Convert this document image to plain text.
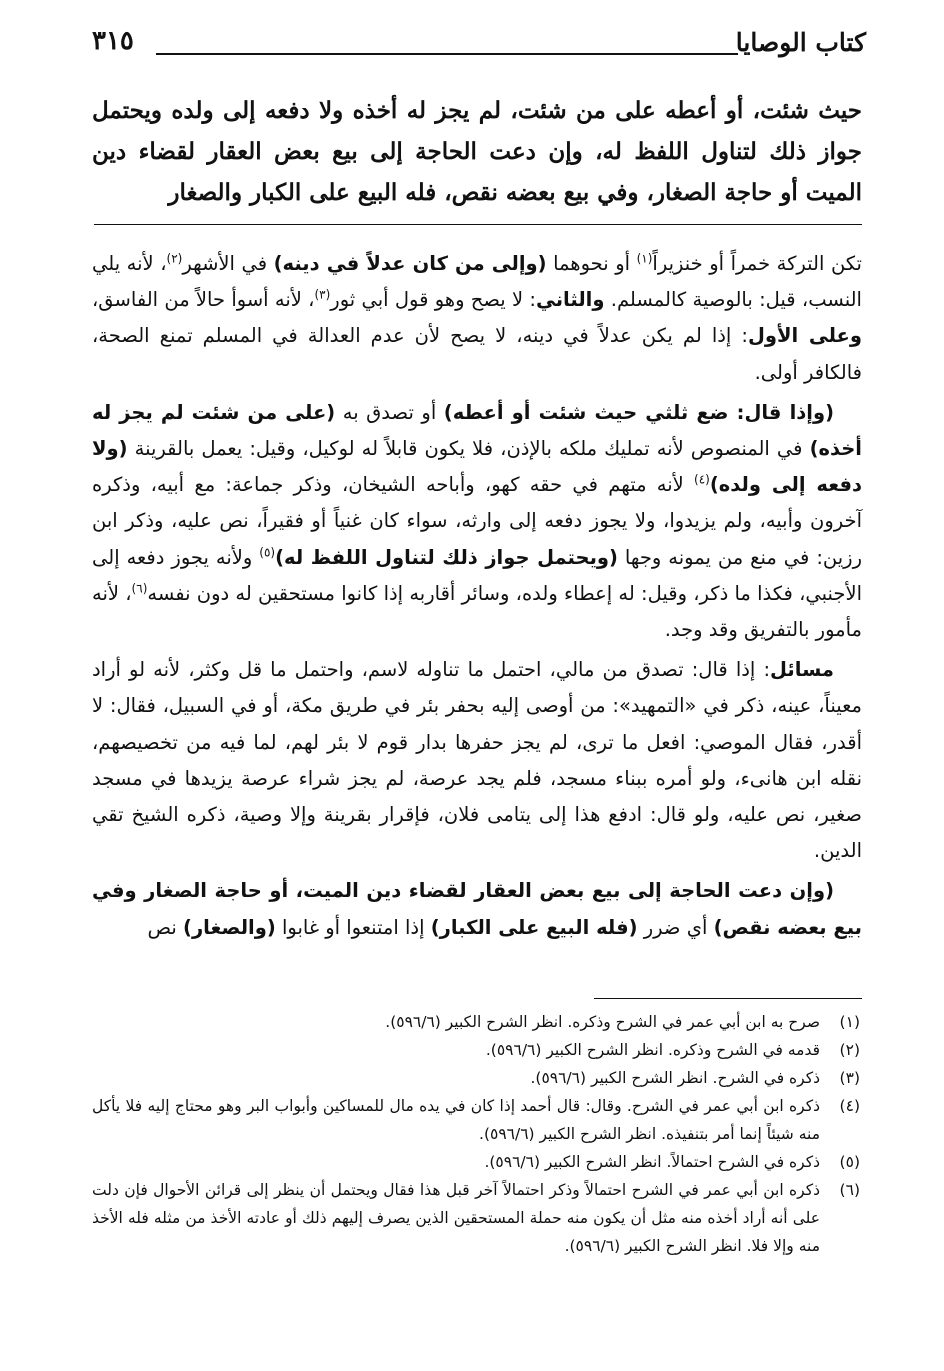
كتاب الوصايا
٣١٥

حيث شئت، أو أعطه على من شئت، لم يجز له أخذه ولا دفعه إلى ولده ويحتمل جواز ذلك لتناول اللفظ له، وإن دعت الحاجة إلى بيع بعض العقار لقضاء دين الميت أو حاجة الصغار، وفي بيع بعضه نقص، فله البيع على الكبار والصغار

تكن التركة خمراً أو خنزيراً$^{(١)}$ أو نحوهما (وإلى من كان عدلاً في دينه) في الأشهر$^{(٢)}$، لأنه يلي النسب، قيل: بالوصية كالمسلم. والثاني: لا يصح وهو قول أبي ثور$^{(٣)}$، لأنه أسوأ حالاً من الفاسق، وعلى الأول: إذا لم يكن عدلاً في دينه، لا يصح لأن عدم العدالة في المسلم تمنع الصحة، فالكافر أولى.

(وإذا قال: ضع ثلثي حيث شئت أو أعطه) أو تصدق به (على من شئت لم يجز له أخذه) في المنصوص لأنه تمليك ملكه بالإذن، فلا يكون قابلاً له لوكيل، وقيل: يعمل بالقرينة (ولا دفعه إلى ولده)$^{(٤)}$ لأنه متهم في حقه كهو، وأباحه الشيخان، وذكر جماعة: مع أبيه، وذكره آخرون وأبيه، ولم يزيدوا، ولا يجوز دفعه إلى وارثه، سواء كان غنياً أو فقيراً، نص عليه، وذكر ابن رزين: في منع من يمونه وجها (ويحتمل جواز ذلك لتناول اللفظ له)$^{(٥)}$ ولأنه يجوز دفعه إلى الأجنبي، فكذا ما ذكر، وقيل: له إعطاء ولده، وسائر أقاربه إذا كانوا مستحقين له دون نفسه$^{(٦)}$، لأنه مأمور بالتفريق وقد وجد.

مسائل: إذا قال: تصدق من مالي، احتمل ما تناوله لاسم، واحتمل ما قل وكثر، لأنه لو أراد معيناً، عينه، ذكر في «التمهيد»: من أوصى إليه بحفر بئر في طريق مكة، أو في السبيل، فقال: لا أقدر، فقال الموصي: افعل ما ترى، لم يجز حفرها بدار قوم لا بئر لهم، لما فيه من تخصيصهم، نقله ابن هانىء، ولو أمره ببناء مسجد، فلم يجد عرصة، لم يجز شراء عرصة يزيدها في مسجد صغير، نص عليه، ولو قال: ادفع هذا إلى يتامى فلان، فإقرار بقرينة وإلا وصية، ذكره الشيخ تقي الدين.

(وإن دعت الحاجة إلى بيع بعض العقار لقضاء دين الميت، أو حاجة الصغار وفي بيع بعضه نقص) أي ضرر (فله البيع على الكبار) إذا امتنعوا أو غابوا (والصغار) نص

(١)
صرح به ابن أبي عمر في الشرح وذكره. انظر الشرح الكبير (٥٩٦/٦).
(٢)
قدمه في الشرح وذكره. انظر الشرح الكبير (٥٩٦/٦).
(٣)
ذكره في الشرح. انظر الشرح الكبير (٥٩٦/٦).
(٤)
ذكره ابن أبي عمر في الشرح. وقال: قال أحمد إذا كان في يده مال للمساكين وأبواب البر وهو محتاج إليه فلا يأكل منه شيئاً إنما أمر بتنفيذه. انظر الشرح الكبير (٥٩٦/٦).
(٥)
ذكره في الشرح احتمالاً. انظر الشرح الكبير (٥٩٦/٦).
(٦)
ذكره ابن أبي عمر في الشرح احتمالاً وذكر احتمالاً آخر قبل هذا فقال ويحتمل أن ينظر إلى قرائن الأحوال فإن دلت على أنه أراد أخذه منه مثل أن يكون منه حملة المستحقين الذين يصرف إليهم ذلك أو عادته الأخذ من مثله فله الأخذ منه وإلا فلا. انظر الشرح الكبير (٥٩٦/٦).
